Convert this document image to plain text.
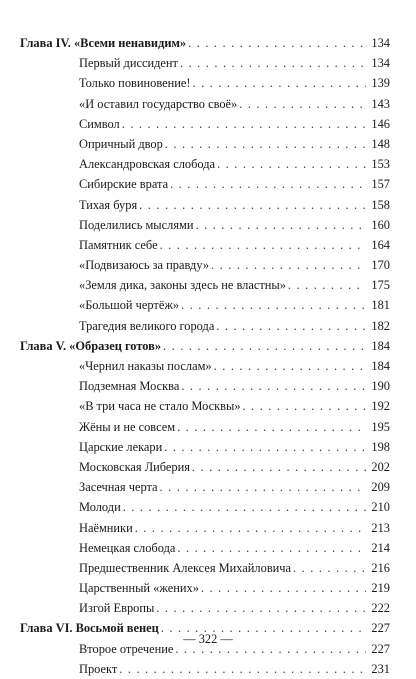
Глава IV. «Всеми ненавидим» . . .	134
Первый диссидент . . .	134
Только повиновение! . . .	139
«И оставил государство своё» . . .	143
Символ . . .	146
Опричный двор . . .	148
Александровская слобода . . .	153
Сибирские врата . . .	157
Тихая буря . . .	158
Поделились мыслями . . .	160
Памятник себе . . .	164
«Подвизаюсь за правду» . . .	170
«Земля дика, законы здесь не властны» . . .	175
«Большой чертёж» . . .	181
Трагедия великого города . . .	182
Глава V. «Образец готов» . . .	184
«Чернил наказы послам» . . .	184
Подземная Москва . . .	190
«В три часа не стало Москвы» . . .	192
Жёны и не совсем . . .	195
Царские лекари . . .	198
Московская Либерия . . .	202
Засечная черта . . .	209
Молоди . . .	210
Наёмники . . .	213
Немецкая слобода . . .	214
Предшественник Алексея Михайловича . . .	216
Царственный «жених» . . .	219
Изгой Европы . . .	222
Глава VI. Восьмой венец . . .	227
Второе отречение . . .	227
Проект . . .	231
— 322 —
